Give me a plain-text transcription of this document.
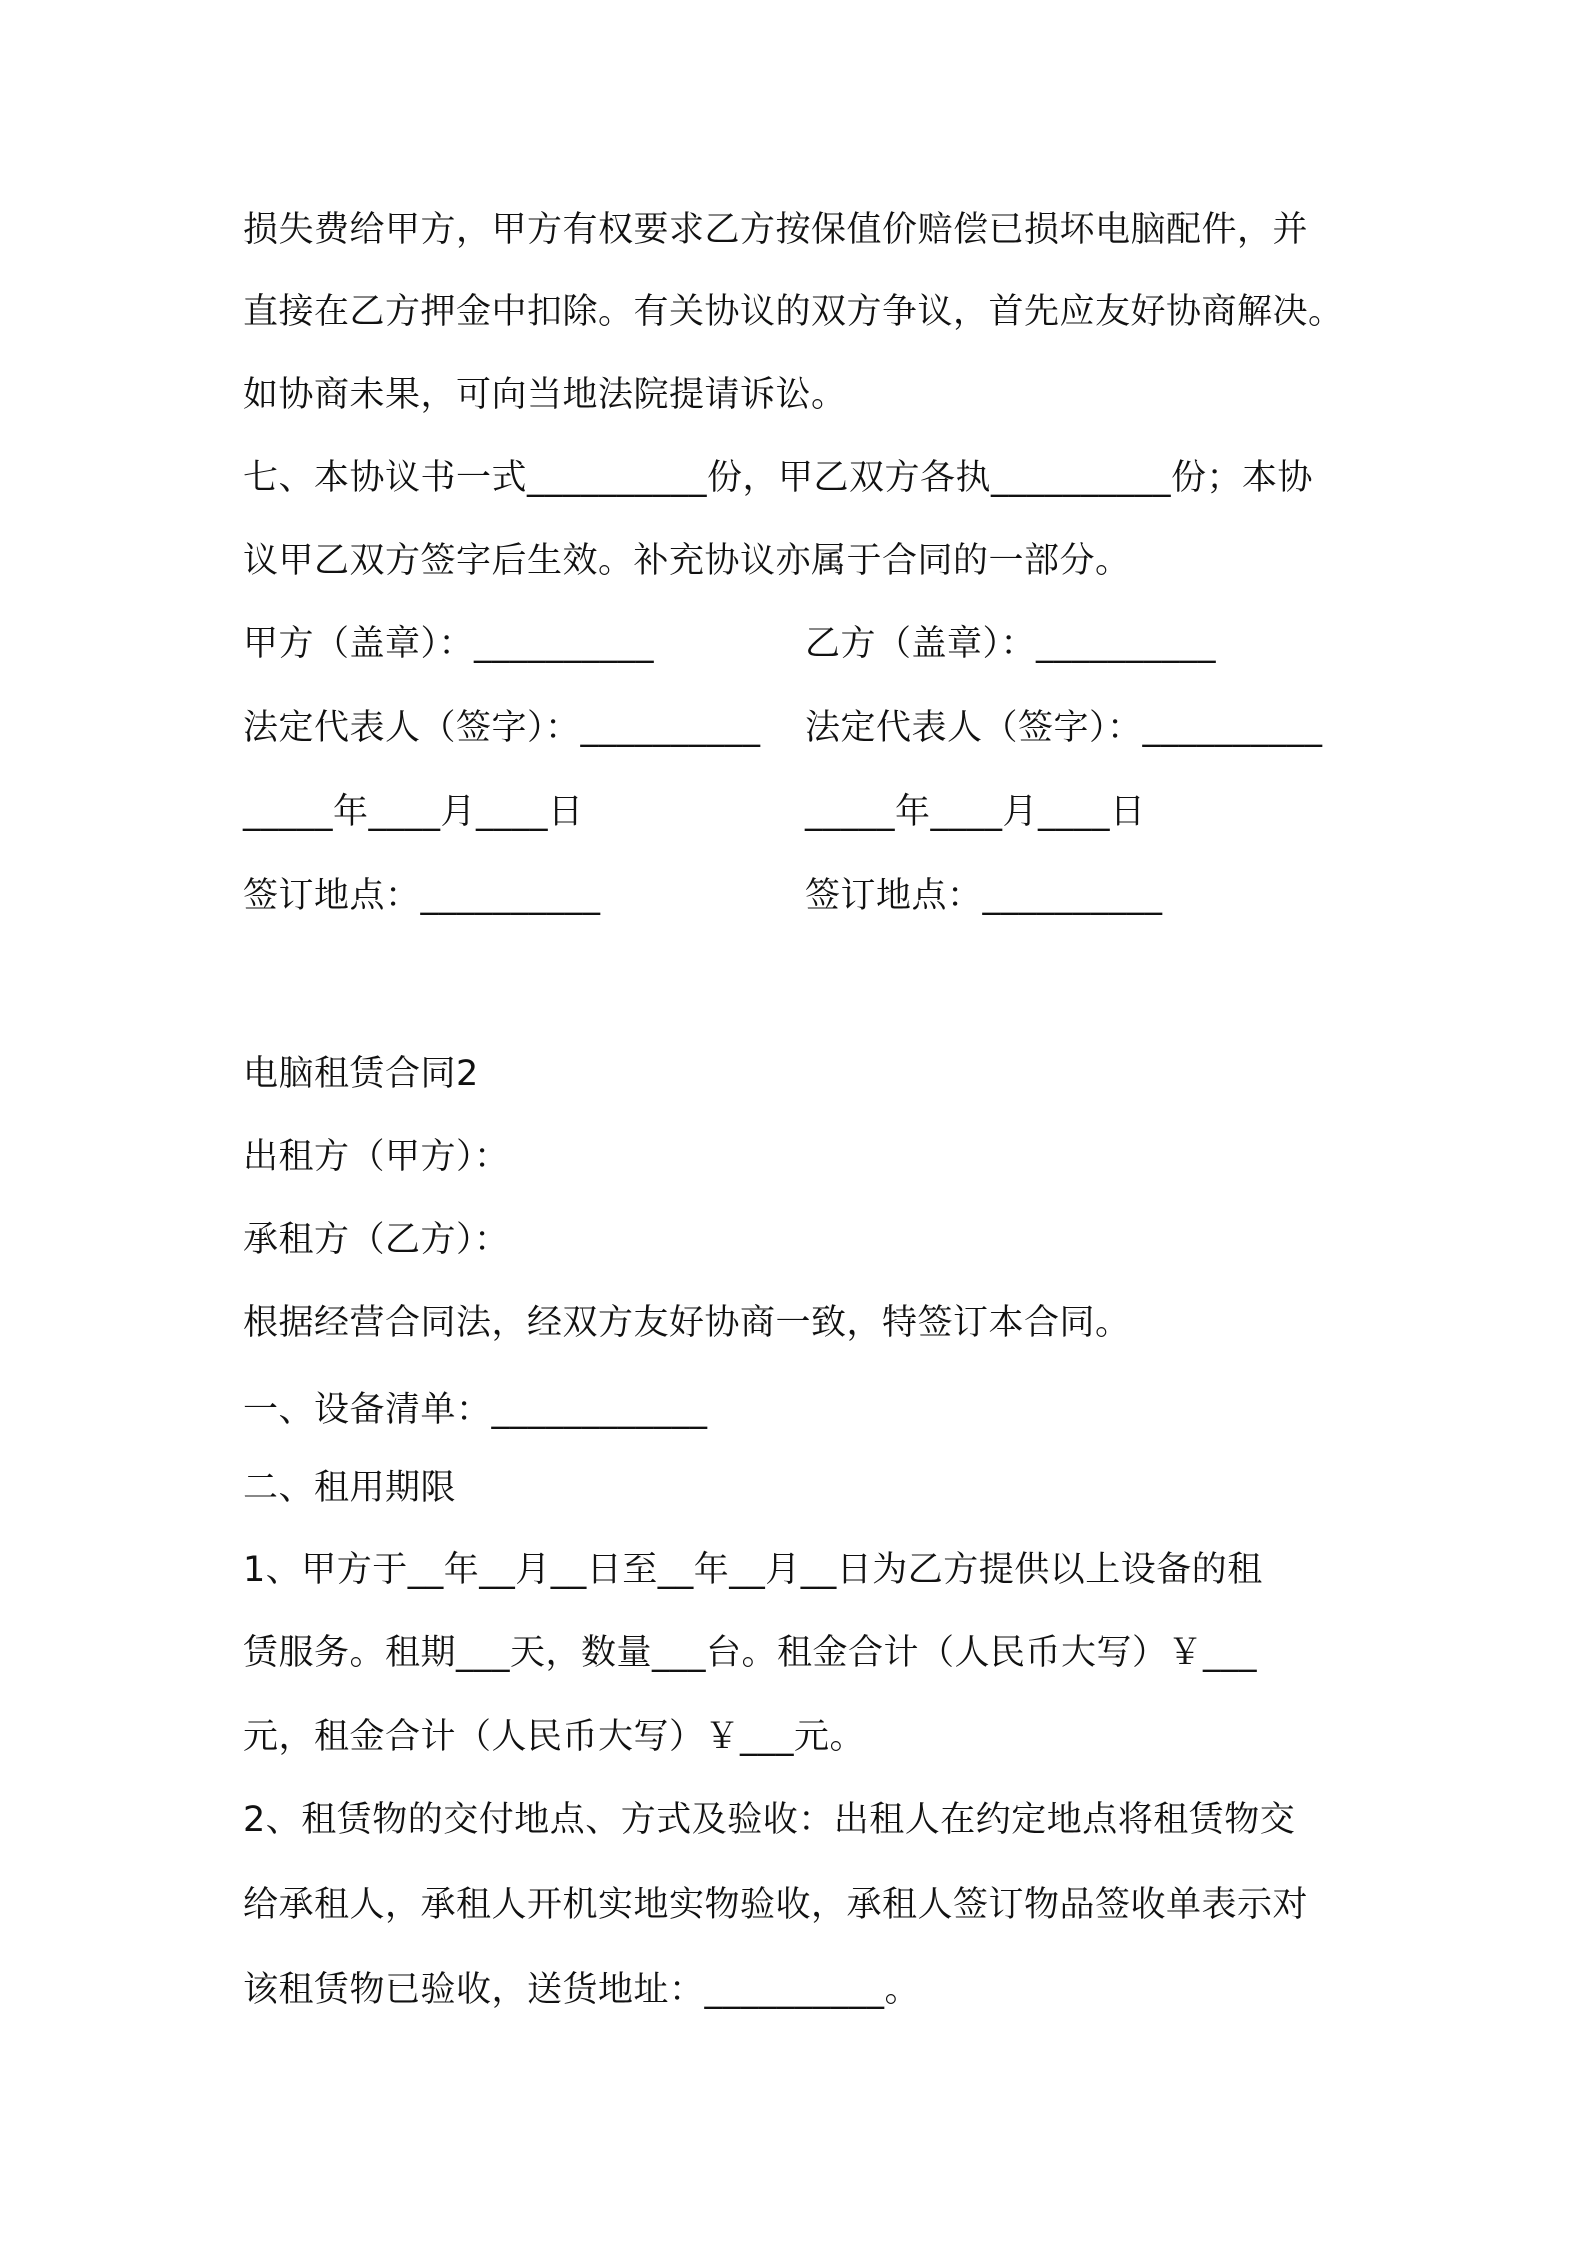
损失费给甲方，甲方有权要求乙方按保值价赔偿已损坏电脑配件，并
直接在乙方押金中扣除。有关协议的双方争议，首先应友好协商解决。
如协商未果，可向当地法院提请诉讼。
七、本协议书一式__________份，甲乙双方各执__________份；本协
议甲乙双方签字后生效。补充协议亦属于合同的一部分。
甲方（盖章）：__________	乙方（盖章）：__________
法定代表人（签字）：__________	法定代表人（签字）：__________
_____年____月____日	_____年____月____日
签订地点：__________	签订地点：__________
电脑租赁合同2
出租方（甲方）：
承租方（乙方）：
根据经营合同法，经双方友好协商一致，特签订本合同。
一、设备清单：____________
二、租用期限
1、甲方于__年__月__日至__年__月__日为乙方提供以上设备的租
赁服务。租期___天，数量___台。租金合计（人民币大写）￥___
元，租金合计（人民币大写）￥___元。
2、租赁物的交付地点、方式及验收：出租人在约定地点将租赁物交
给承租人，承租人开机实地实物验收，承租人签订物品签收单表示对
该租赁物已验收，送货地址：__________。
